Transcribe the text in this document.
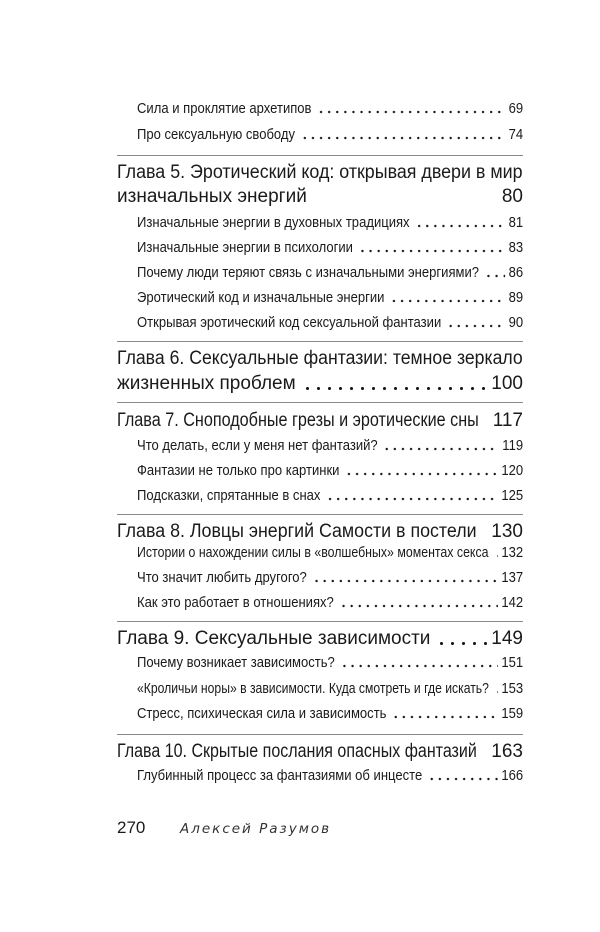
Сила и проклятие архетипов	69
Про сексуальную свободу	74
Глава 5. Эротический код: открывая двери в мир
изначальных энергий	80
Изначальные энергии в духовных традициях	81
Изначальные энергии в психологии	83
Почему люди теряют связь с изначальными энергиями? 86
Эротический код и изначальные энергии	89
Открывая эротический код сексуальной фантазии	90
Глава 6. Сексуальные фантазии: темное зеркало
жизненных проблем	100
Глава 7. Сноподобные грезы и эротические сны 117
Что делать, если у меня нет фантазий?	119
Фантазии не только про картинки	120
Подсказки, спрятанные в снах	125
Глава 8. Ловцы энергий Самости в постели 130
Истории о нахождении силы в «волшебных» моментах секса 132
Что значит любить другого?	137
Как это работает в отношениях?	142
Глава 9. Сексуальные зависимости	149
Почему возникает зависимость?	151
«Кроличьи норы» в зависимости. Куда смотреть и где искать? 153
Стресс, психическая сила и зависимость	159
Глава 10. Скрытые послания опасных фантазий 163
Глубинный процесс за фантазиями об инцесте	166
270	Алексей Разумов
